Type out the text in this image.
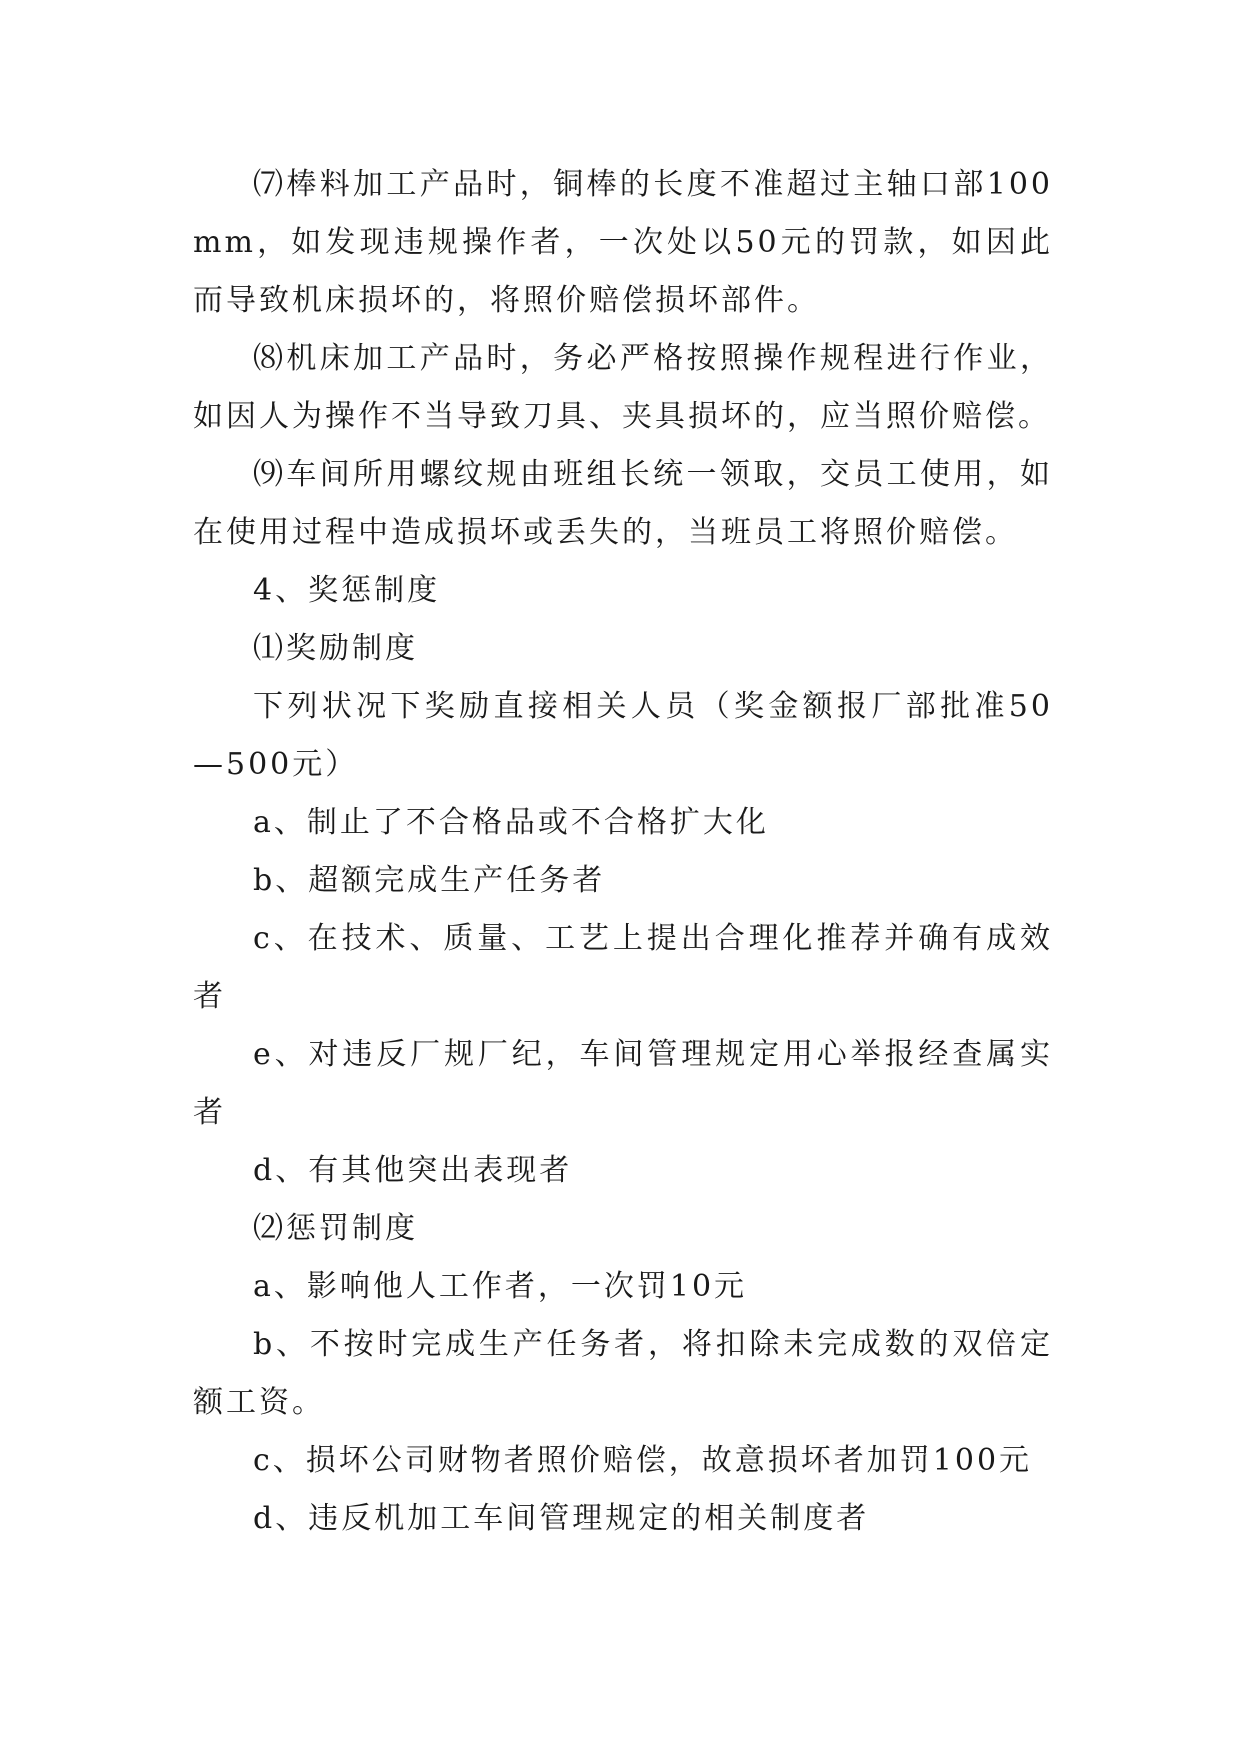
⑺棒料加工产品时，铜棒的长度不准超过主轴口部100mm，如发现违规操作者，一次处以50元的罚款，如因此而导致机床损坏的，将照价赔偿损坏部件。

⑻机床加工产品时，务必严格按照操作规程进行作业，如因人为操作不当导致刀具、夹具损坏的，应当照价赔偿。

⑼车间所用螺纹规由班组长统一领取，交员工使用，如在使用过程中造成损坏或丢失的，当班员工将照价赔偿。

4、奖惩制度

⑴奖励制度

下列状况下奖励直接相关人员（奖金额报厂部批准50—500元）

a、制止了不合格品或不合格扩大化

b、超额完成生产任务者

c、在技术、质量、工艺上提出合理化推荐并确有成效者

e、对违反厂规厂纪，车间管理规定用心举报经查属实者

d、有其他突出表现者

⑵惩罚制度

a、影响他人工作者，一次罚10元

b、不按时完成生产任务者，将扣除未完成数的双倍定额工资。

c、损坏公司财物者照价赔偿，故意损坏者加罚100元

d、违反机加工车间管理规定的相关制度者
